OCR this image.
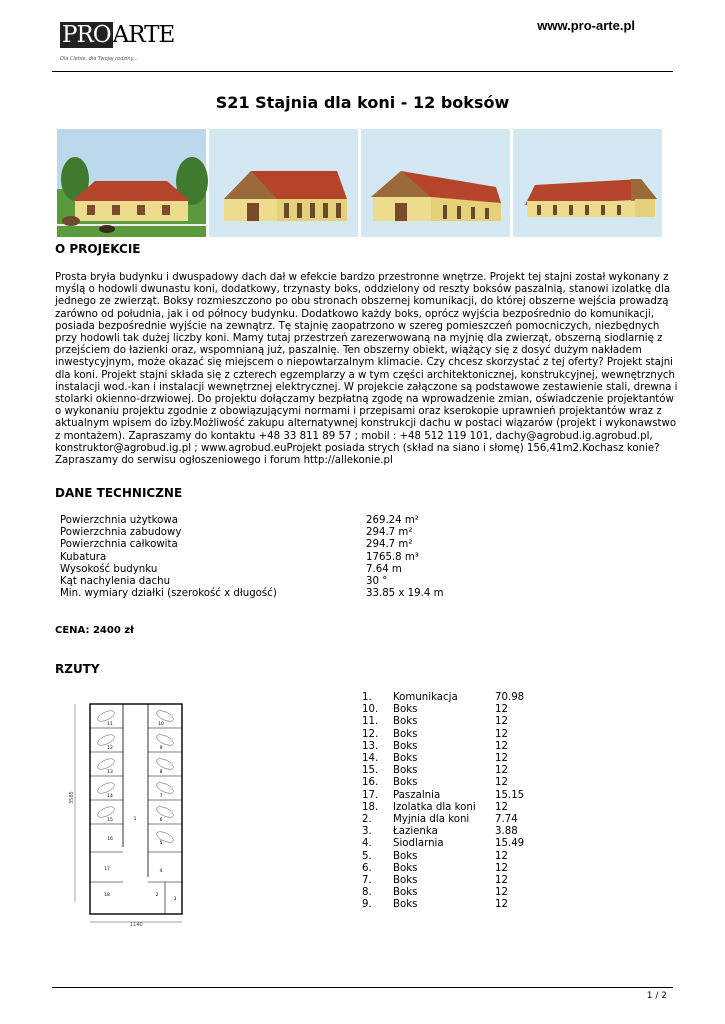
PROARTE
Dla Ciebie, dla Twojej rodziny...
www.pro-arte.pl
S21 Stajnia dla koni - 12 boksów
O PROJEKCIE

Prosta bryła budynku i dwuspadowy dach dał w efekcie bardzo przestronne wnętrze. Projekt tej stajni został wykonany z myślą o hodowli dwunastu koni, dodatkowy, trzynasty boks, oddzielony od reszty boksów paszalnią, stanowi izolatkę dla jednego ze zwierząt. Boksy rozmieszczono po obu stronach obszernej komunikacji, do której obszerne wejścia prowadzą zarówno od południa, jak i od północy budynku. Dodatkowo każdy boks, oprócz wyjścia bezpośrednio do komunikacji, posiada bezpośrednie wyjście na zewnątrz. Tę stajnię zaopatrzono w szereg pomieszczeń pomocniczych, niezbędnych przy hodowli tak dużej liczby koni. Mamy tutaj przestrzeń zarezerwowaną na myjnię dla zwierząt, obszerną siodlarnię z przejściem do łazienki oraz, wspomnianą już, paszalnię. Ten obszerny obiekt, wiążący się z dosyć dużym nakładem inwestycyjnym, może okazać się miejscem o niepowtarzalnym klimacie. Czy chcesz skorzystać z tej oferty? Projekt stajni dla koni. Projekt stajni składa się z czterech egzemplarzy a w tym części architektonicznej, konstrukcyjnej, wewnętrznych instalacji wod.-kan i instalacji wewnętrznej elektrycznej. W projekcie załączone są podstawowe zestawienie stali, drewna i stolarki okienno-drzwiowej. Do projektu dołączamy bezpłatną zgodę na wprowadzenie zmian, oświadczenie projektantów o wykonaniu projektu zgodnie z obowiązującymi normami i przepisami oraz kserokopie uprawnień projektantów wraz z aktualnym wpisem do izby.Możliwość zakupu alternatywnej konstrukcji dachu w postaci wiązarów (projekt i wykonawstwo z montażem). Zapraszamy do kontaktu +48 33 811 89 57 ; mobil : +48 512 119 101, dachy@agrobud.ig.agrobud.pl, konstruktor@agrobud.ig.pl ; www.agrobud.euProjekt posiada strych (skład na siano i słomę) 156,41m2.Kochasz konie? Zapraszamy do serwisu ogłoszeniowego i forum http://allekonie.pl

DANE TECHNICZNE
Powierzchnia użytkowa	269.24 m²
Powierzchnia zabudowy	294.7 m²
Powierzchnia całkowita	294.7 m²
Kubatura	1765.8 m³
Wysokość budynku	7.64 m
Kąt nachylenia dachu	30 °
Min. wymiary działki (szerokość x długość)	33.85 x 19.4 m
CENA: 2400 zł
RZUTY
3585
1140
11
12
13
14
15
16
17
18
10
9
8
7
6
5
4
3
2
1
1.	Komunikacja	70.98
10.	Boks	12
11.	Boks	12
12.	Boks	12
13.	Boks	12
14.	Boks	12
15.	Boks	12
16.	Boks	12
17.	Paszalnia	15.15
18.	Izolatka dla koni	12
2.	Myjnia dla koni	7.74
3.	Łazienka	3.88
4.	Siodlarnia	15.49
5.	Boks	12
6.	Boks	12
7.	Boks	12
8.	Boks	12
9.	Boks	12
1 / 2
